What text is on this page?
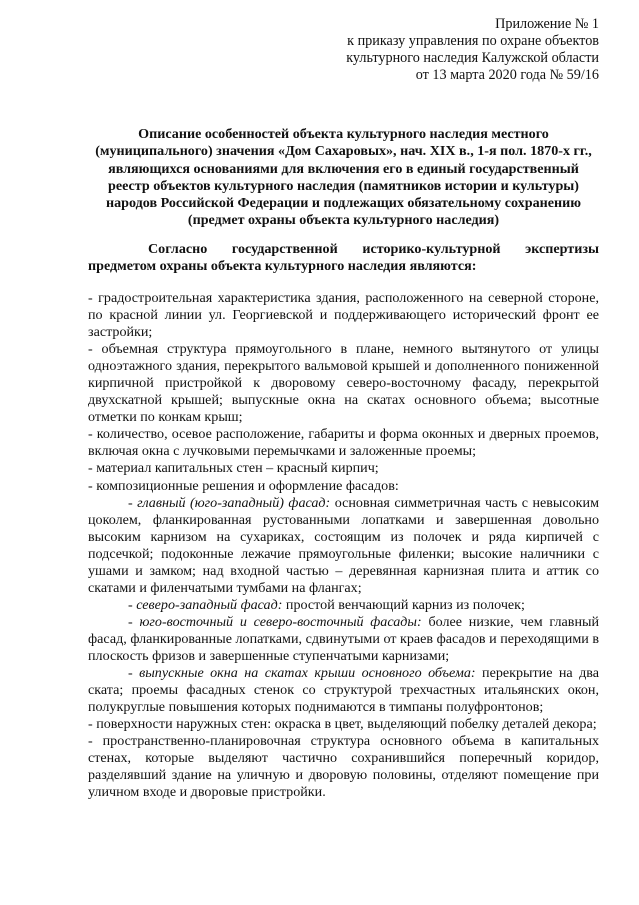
Приложение № 1
к приказу управления по охране объектов
культурного наследия Калужской области
от 13 марта 2020 года № 59/16
Описание особенностей объекта культурного наследия местного (муниципального) значения «Дом Сахаровых», нач. XIX в., 1-я пол. 1870-х гг., являющихся основаниями для включения его в единый государственный реестр объектов культурного наследия (памятников истории и культуры) народов Российской Федерации и подлежащих обязательному сохранению (предмет охраны объекта культурного наследия)
Согласно государственной историко-культурной экспертизы предметом охраны объекта культурного наследия являются:

- градостроительная характеристика здания, расположенного на северной стороне, по красной линии ул. Георгиевской и поддерживающего исторический фронт ее застройки;

- объемная структура прямоугольного в плане, немного вытянутого от улицы одноэтажного здания, перекрытого вальмовой крышей и дополненного пониженной кирпичной пристройкой к дворовому северо-восточному фасаду, перекрытой двухскатной крышей; выпускные окна на скатах основного объема; высотные отметки по конкам крыш;

- количество, осевое расположение, габариты и форма оконных и дверных проемов, включая окна с лучковыми перемычками и заложенные проемы;

- материал капитальных стен – красный кирпич;

- композиционные решения и оформление фасадов:

- главный (юго-западный) фасад: основная симметричная часть с невысоким цоколем, фланкированная рустованными лопатками и завершенная довольно высоким карнизом на сухариках, состоящим из полочек и ряда кирпичей с подсечкой; подоконные лежачие прямоугольные филенки; высокие наличники с ушами и замком; над входной частью – деревянная карнизная плита и аттик со скатами и филенчатыми тумбами на флангах;

- северо-западный фасад: простой венчающий карниз из полочек;

- юго-восточный и северо-восточный фасады: более низкие, чем главный фасад, фланкированные лопатками, сдвинутыми от краев фасадов и переходящими в плоскость фризов и завершенные ступенчатыми карнизами;

- выпускные окна на скатах крыши основного объема: перекрытие на два ската; проемы фасадных стенок со структурой трехчастных итальянских окон, полукруглые повышения которых поднимаются в тимпаны полуфронтонов;

- поверхности наружных стен: окраска в цвет, выделяющий побелку деталей декора;

- пространственно-планировочная структура основного объема в капитальных стенах, которые выделяют частично сохранившийся поперечный коридор, разделявший здание на уличную и дворовую половины, отделяют помещение при уличном входе и дворовые пристройки.
